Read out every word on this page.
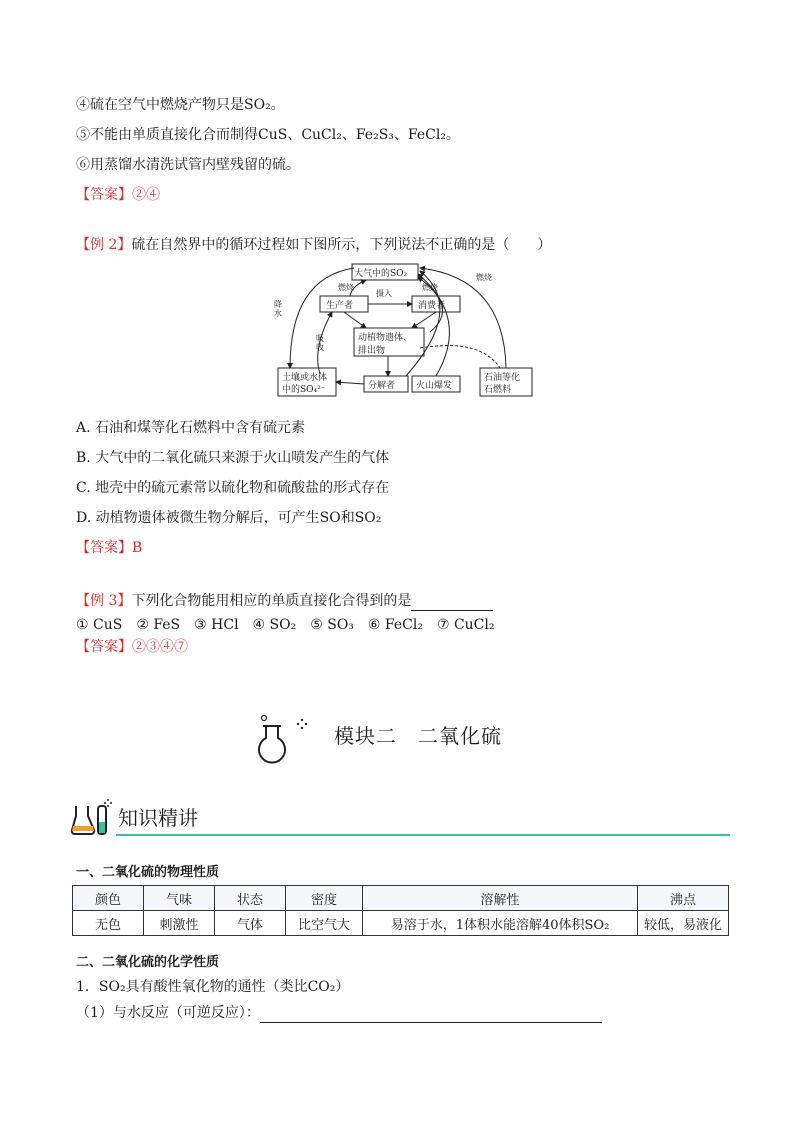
④硫在空气中燃烧产物只是SO₂。
⑤不能由单质直接化合而制得CuS、CuCl₂、Fe₂S₃、FeCl₂。
⑥用蒸馏水清洗试管内壁残留的硫。
【答案】②④
【例 2】硫在自然界中的循环过程如下图所示，下列说法不正确的是（　　）
大气中的SO₂
生产者	消费者
动植物遗体、
排出物
土壤或水体
中的SO₄²⁻	分解者 火山爆发
石油等化
石燃料
降水
吸收
摄入
燃烧	燃烧
燃烧
A. 石油和煤等化石燃料中含有硫元素
B. 大气中的二氧化硫只来源于火山喷发产生的气体
C. 地壳中的硫元素常以硫化物和硫酸盐的形式存在
D. 动植物遗体被微生物分解后，可产生SO和SO₂
【答案】B
【例 3】下列化合物能用相应的单质直接化合得到的是
① CuS　② FeS　③ HCl　④ SO₂　⑤ SO₃　⑥ FeCl₂　⑦ CuCl₂
【答案】②③④⑦
模块二　二氧化硫
知识精讲
一、二氧化硫的物理性质
颜色	气味	状态	密度	溶解性	沸点
无色	刺激性	气体	比空气大	易溶于水，1体积水能溶解40体积SO₂	较低，易液化
二、二氧化硫的化学性质
1．SO₂具有酸性氧化物的通性（类比CO₂）
（1）与水反应（可逆反应）：
